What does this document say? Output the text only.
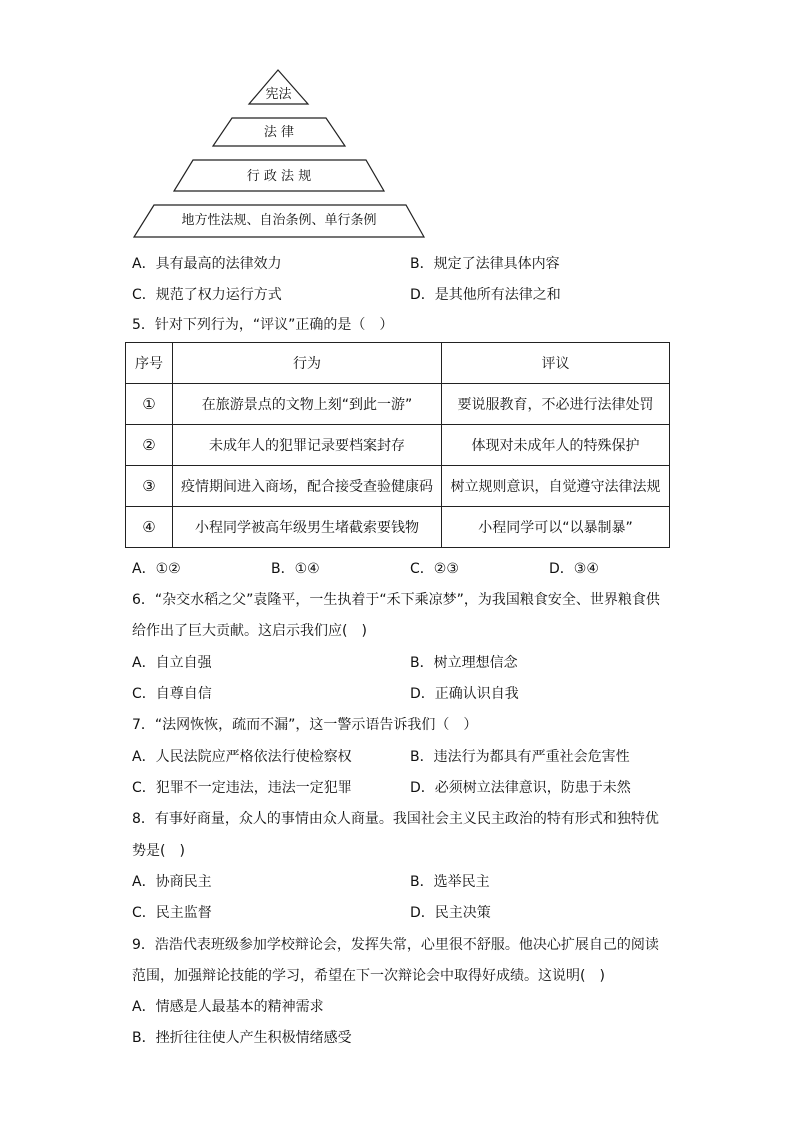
宪法
法 律
行 政 法 规
地方性法规、自治条例、单行条例
A．具有最高的法律效力	B．规定了法律具体内容
C．规范了权力运行方式	D．是其他所有法律之和
5．针对下列行为，“评议”正确的是（　）
序号	行为	评议
①	在旅游景点的文物上刻“到此一游”	要说服教育，不必进行法律处罚
②	未成年人的犯罪记录要档案封存	体现对未成年人的特殊保护
③	疫情期间进入商场，配合接受查验健康码	树立规则意识，自觉遵守法律法规
④	小程同学被高年级男生堵截索要钱物	小程同学可以“以暴制暴”
A．①②	B．①④	C．②③	D．③④
6．“杂交水稻之父”袁隆平，一生执着于“禾下乘凉梦”，为我国粮食安全、世界粮食供
给作出了巨大贡献。这启示我们应(　)
A．自立自强	B．树立理想信念
C．自尊自信	D．正确认识自我
7．“法网恢恢，疏而不漏”，这一警示语告诉我们（　）
A．人民法院应严格依法行使检察权	B．违法行为都具有严重社会危害性
C．犯罪不一定违法，违法一定犯罪	D．必须树立法律意识，防患于未然
8．有事好商量，众人的事情由众人商量。我国社会主义民主政治的特有形式和独特优
势是(　)
A．协商民主	B．选举民主
C．民主监督	D．民主决策
9．浩浩代表班级参加学校辩论会，发挥失常，心里很不舒服。他决心扩展自己的阅读
范围，加强辩论技能的学习，希望在下一次辩论会中取得好成绩。这说明(　)
A．情感是人最基本的精神需求
B．挫折往往使人产生积极情绪感受
